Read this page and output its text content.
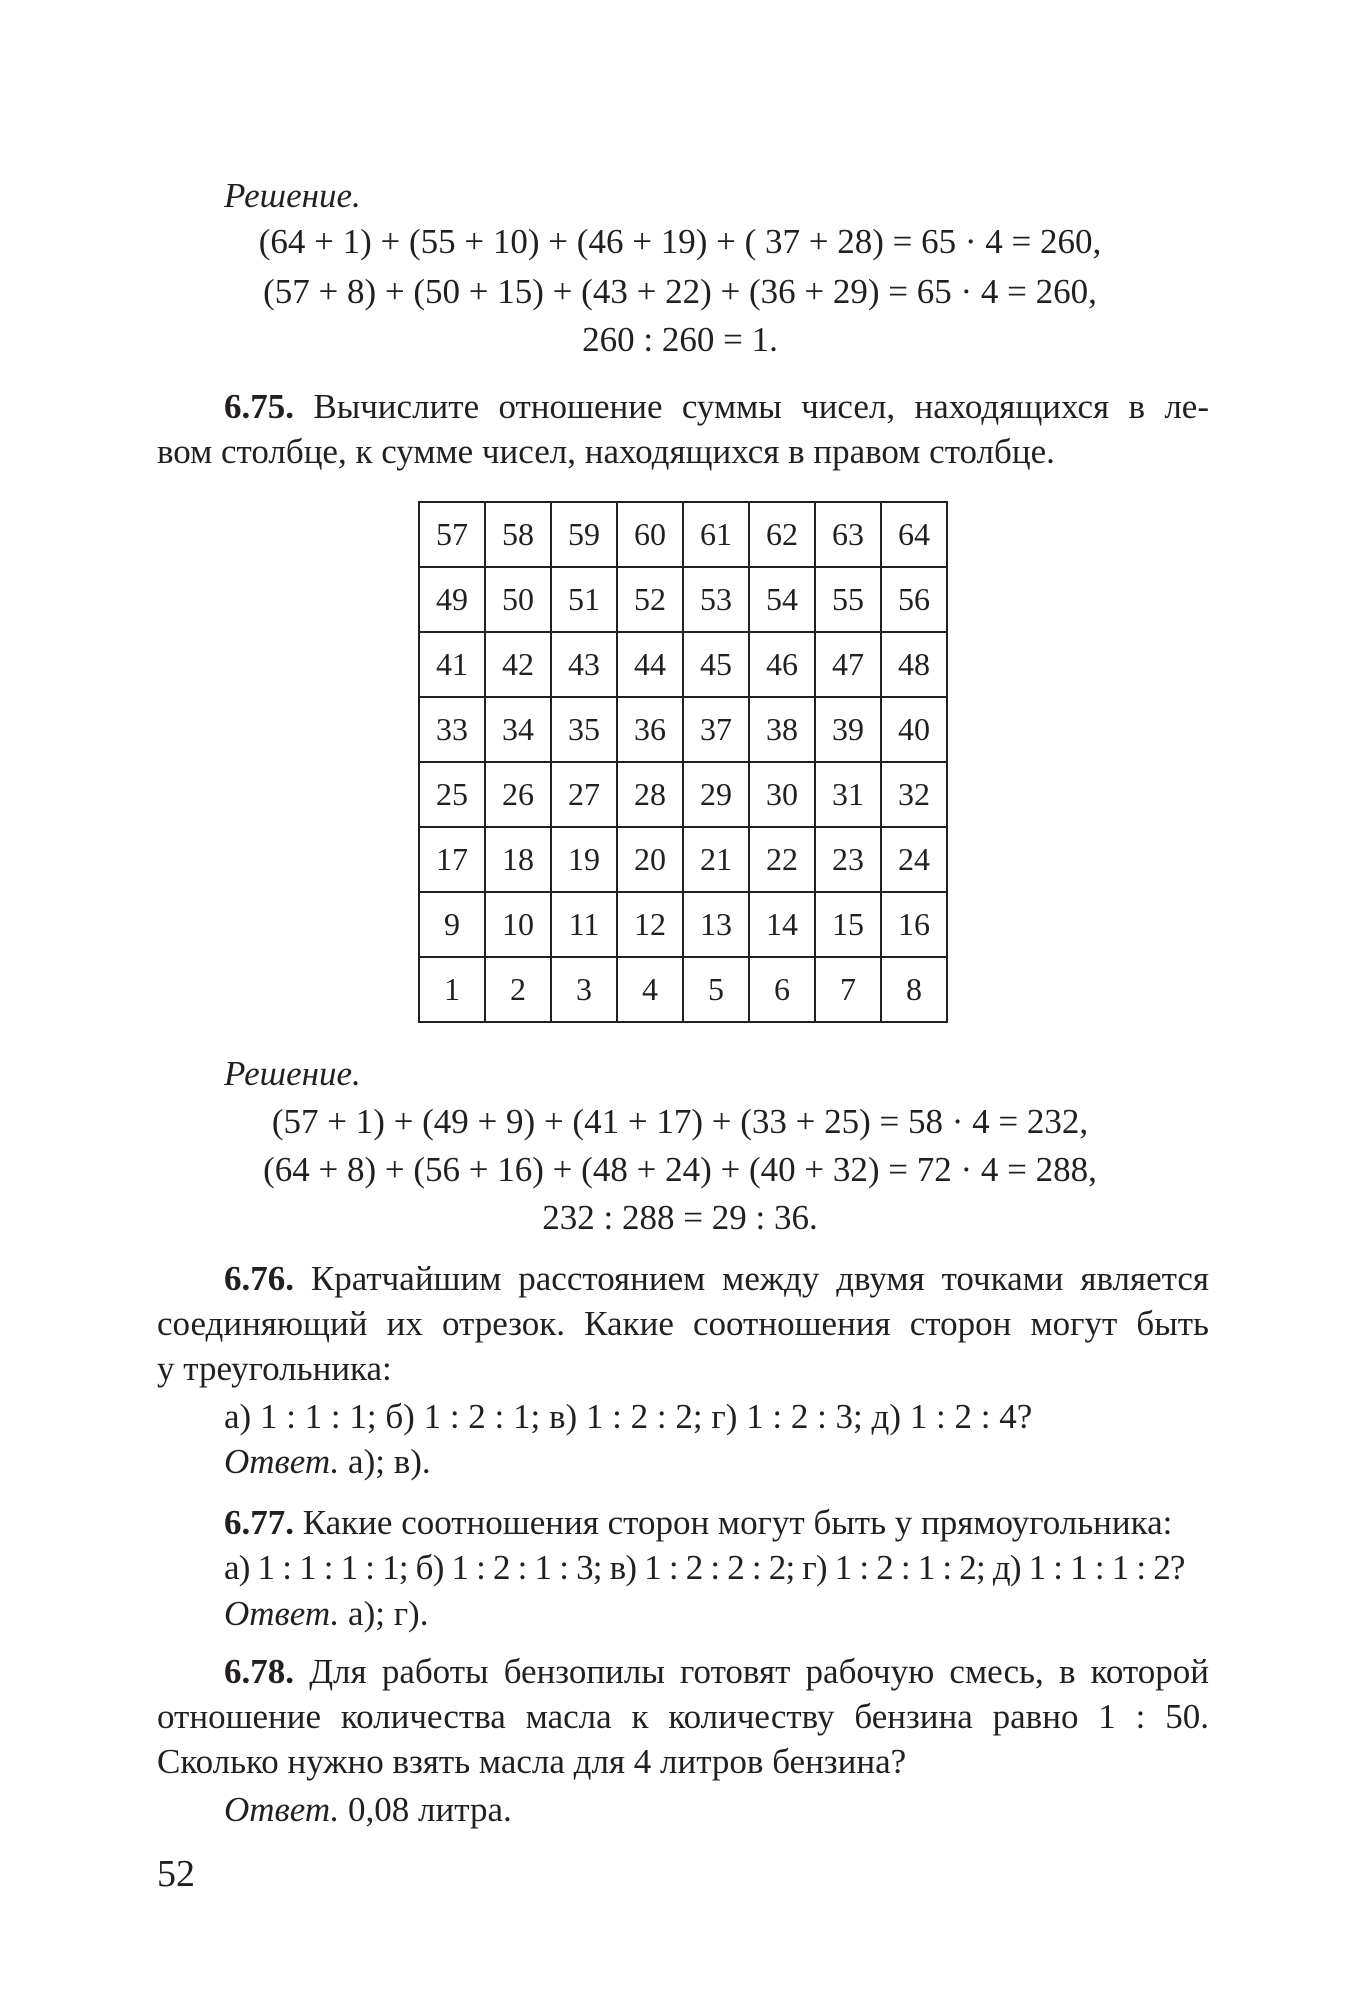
Решение.
(64 + 1) + (55 + 10) + (46 + 19) + ( 37 + 28) = 65 · 4 = 260,
(57 + 8) + (50 + 15) + (43 + 22) + (36 + 29) = 65 · 4 = 260,
260 : 260 = 1.
6.75. Вычислите отношение суммы чисел, находящихся в ле-
вом столбце, к сумме чисел, находящихся в правом столбце.
57	58	59	60	61	62	63	64
49	50	51	52	53	54	55	56
41	42	43	44	45	46	47	48
33	34	35	36	37	38	39	40
25	26	27	28	29	30	31	32
17	18	19	20	21	22	23	24
9	10	11	12	13	14	15	16
1	2	3	4	5	6	7	8
Решение.
(57 + 1) + (49 + 9) + (41 + 17) + (33 + 25) = 58 · 4 = 232,
(64 + 8) + (56 + 16) + (48 + 24) + (40 + 32) = 72 · 4 = 288,
232 : 288 = 29 : 36.
6.76. Кратчайшим расстоянием между двумя точками является
соединяющий их отрезок. Какие соотношения сторон могут быть
у треугольника:
а) 1 : 1 : 1; б) 1 : 2 : 1; в) 1 : 2 : 2; г) 1 : 2 : 3; д) 1 : 2 : 4?
Ответ. а); в).
6.77. Какие соотношения сторон могут быть у прямоугольника:
а) 1 : 1 : 1 : 1; б) 1 : 2 : 1 : 3; в) 1 : 2 : 2 : 2; г) 1 : 2 : 1 : 2; д) 1 : 1 : 1 : 2?
Ответ. а); г).
6.78. Для работы бензопилы готовят рабочую смесь, в которой
отношение количества масла к количеству бензина равно 1 : 50.
Сколько нужно взять масла для 4 литров бензина?
Ответ. 0,08 литра.
52
